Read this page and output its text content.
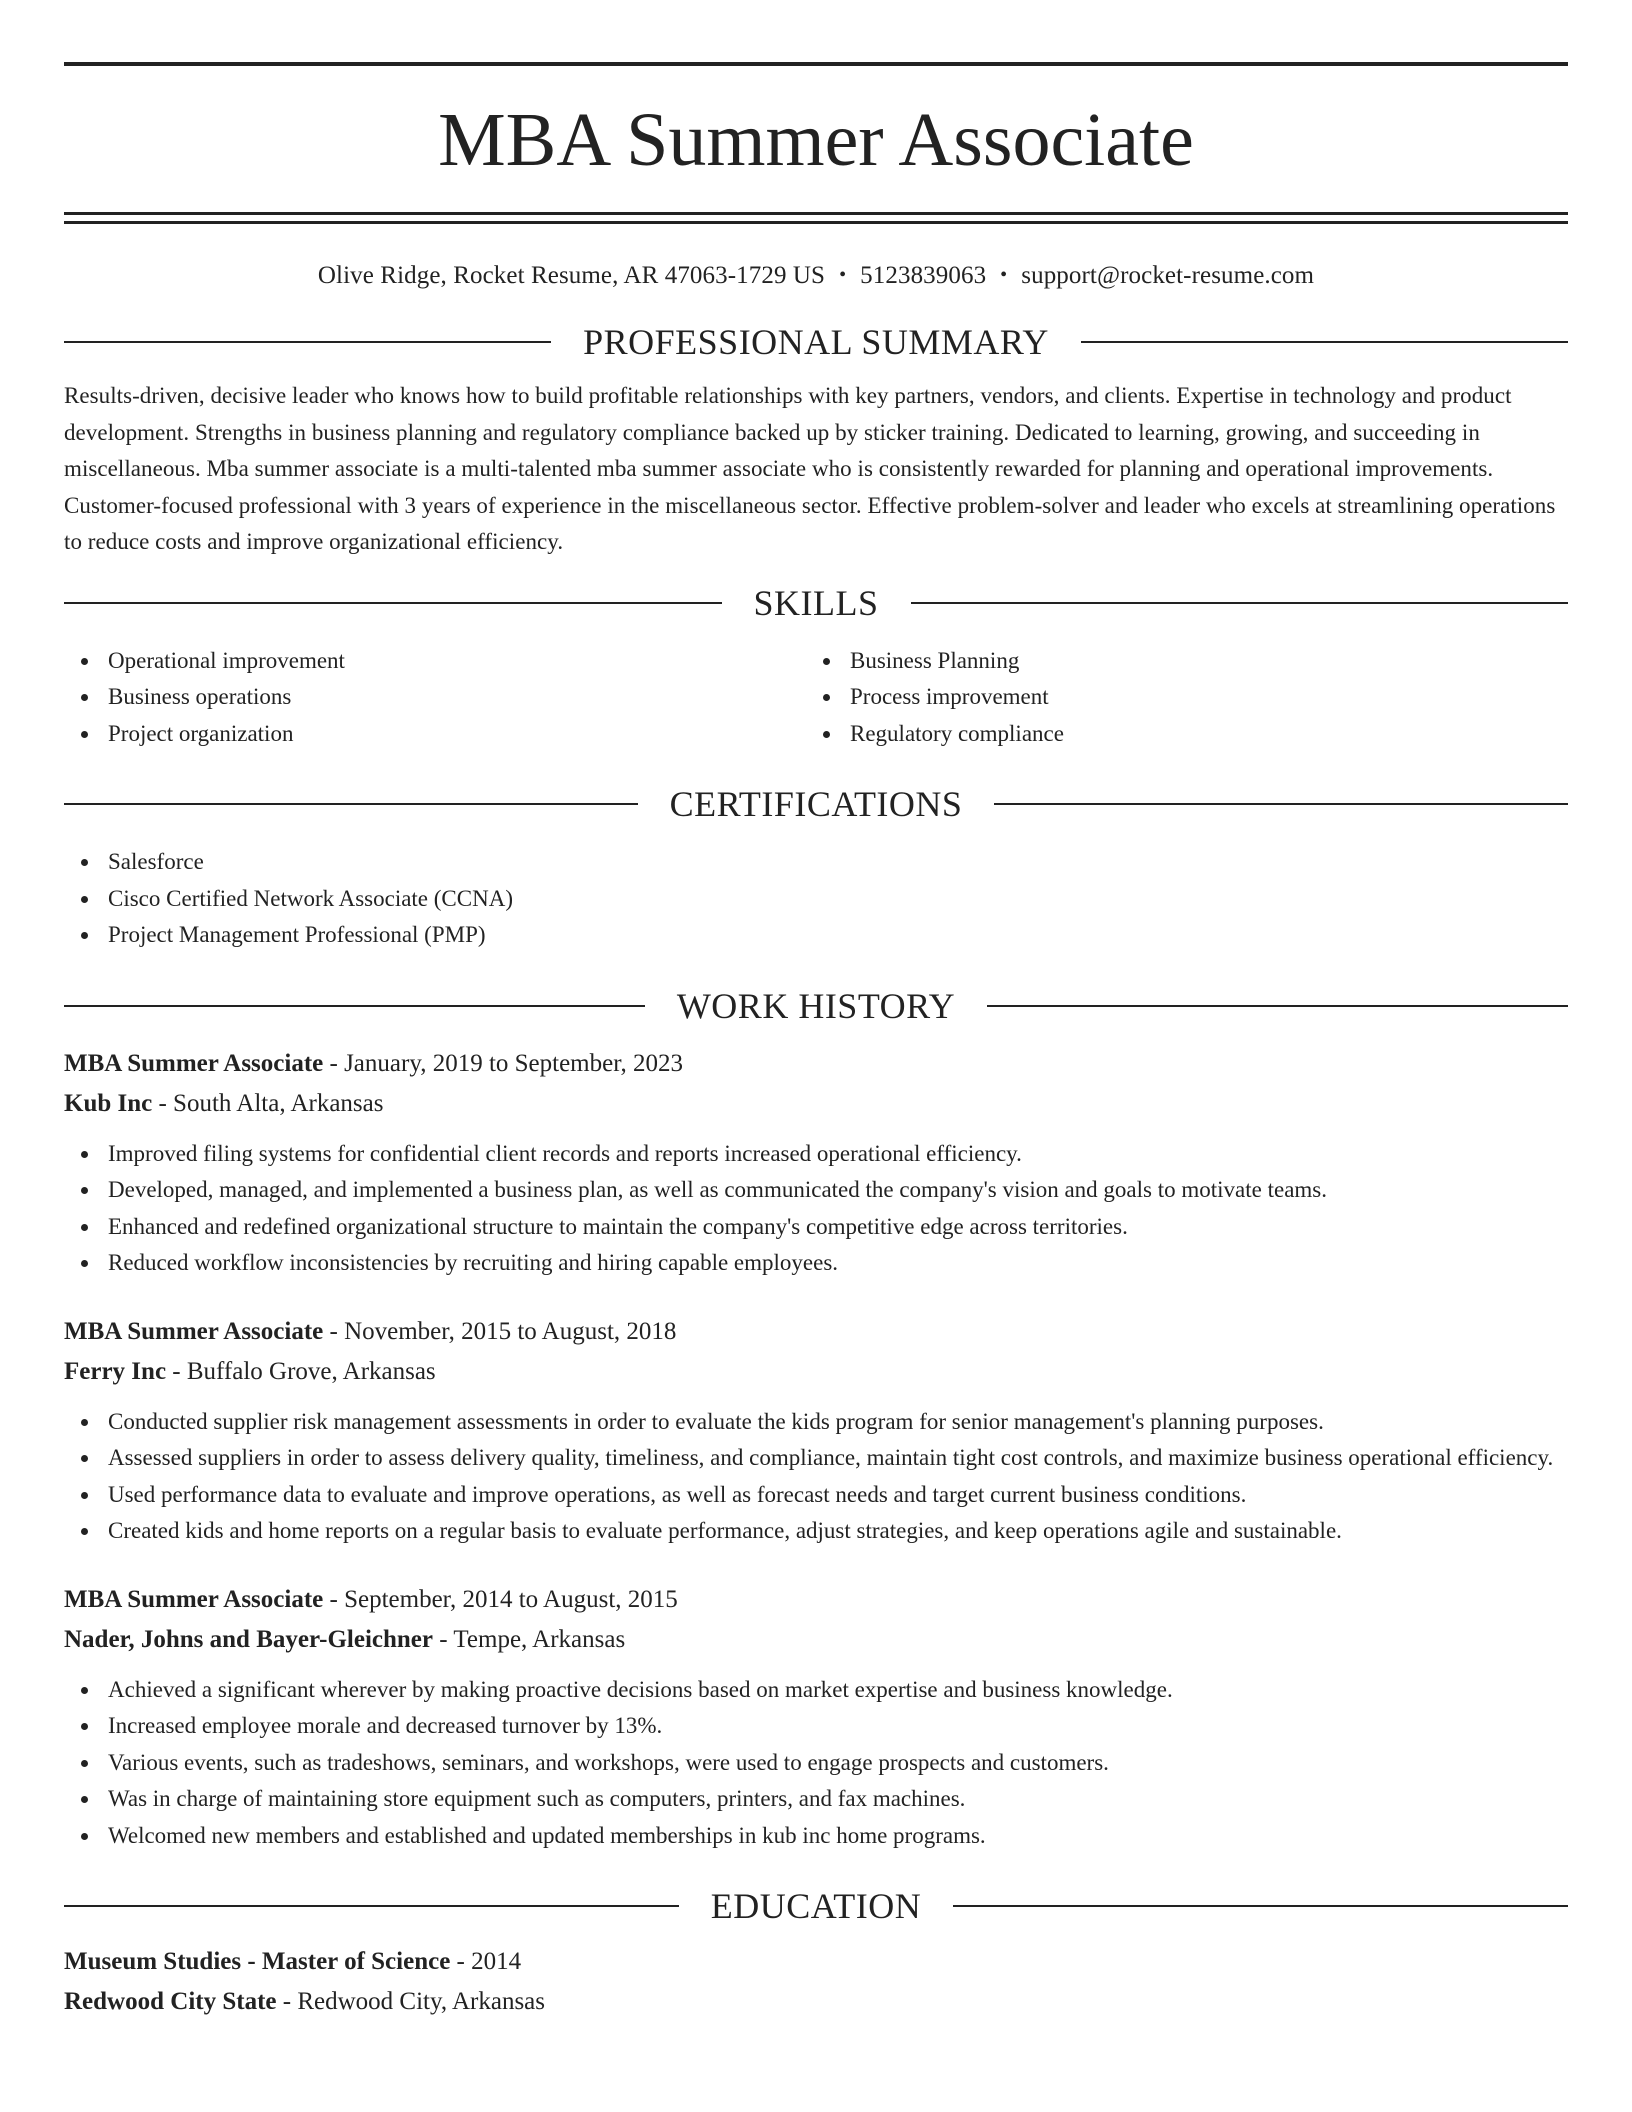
MBA Summer Associate
Olive Ridge, Rocket Resume, AR 47063-1729 US • 5123839063 • support@rocket-resume.com
PROFESSIONAL SUMMARY

Results-driven, decisive leader who knows how to build profitable relationships with key partners, vendors, and clients. Expertise in technology and product development. Strengths in business planning and regulatory compliance backed up by sticker training. Dedicated to learning, growing, and succeeding in miscellaneous. Mba summer associate is a multi-talented mba summer associate who is consistently rewarded for planning and operational improvements. Customer-focused professional with 3 years of experience in the miscellaneous sector. Effective problem-solver and leader who excels at streamlining operations to reduce costs and improve organizational efficiency.

SKILLS
Operational improvement
Business operations
Project organization
Business Planning
Process improvement
Regulatory compliance
CERTIFICATIONS
Salesforce
Cisco Certified Network Associate (CCNA)
Project Management Professional (PMP)
WORK HISTORY
MBA Summer Associate - January, 2019 to September, 2023
Kub Inc - South Alta, Arkansas
Improved filing systems for confidential client records and reports increased operational efficiency.
Developed, managed, and implemented a business plan, as well as communicated the company's vision and goals to motivate teams.
Enhanced and redefined organizational structure to maintain the company's competitive edge across territories.
Reduced workflow inconsistencies by recruiting and hiring capable employees.
MBA Summer Associate - November, 2015 to August, 2018
Ferry Inc - Buffalo Grove, Arkansas
Conducted supplier risk management assessments in order to evaluate the kids program for senior management's planning purposes.
Assessed suppliers in order to assess delivery quality, timeliness, and compliance, maintain tight cost controls, and maximize business operational efficiency.
Used performance data to evaluate and improve operations, as well as forecast needs and target current business conditions.
Created kids and home reports on a regular basis to evaluate performance, adjust strategies, and keep operations agile and sustainable.
MBA Summer Associate - September, 2014 to August, 2015
Nader, Johns and Bayer-Gleichner - Tempe, Arkansas
Achieved a significant wherever by making proactive decisions based on market expertise and business knowledge.
Increased employee morale and decreased turnover by 13%.
Various events, such as tradeshows, seminars, and workshops, were used to engage prospects and customers.
Was in charge of maintaining store equipment such as computers, printers, and fax machines.
Welcomed new members and established and updated memberships in kub inc home programs.
EDUCATION
Museum Studies - Master of Science - 2014
Redwood City State - Redwood City, Arkansas
